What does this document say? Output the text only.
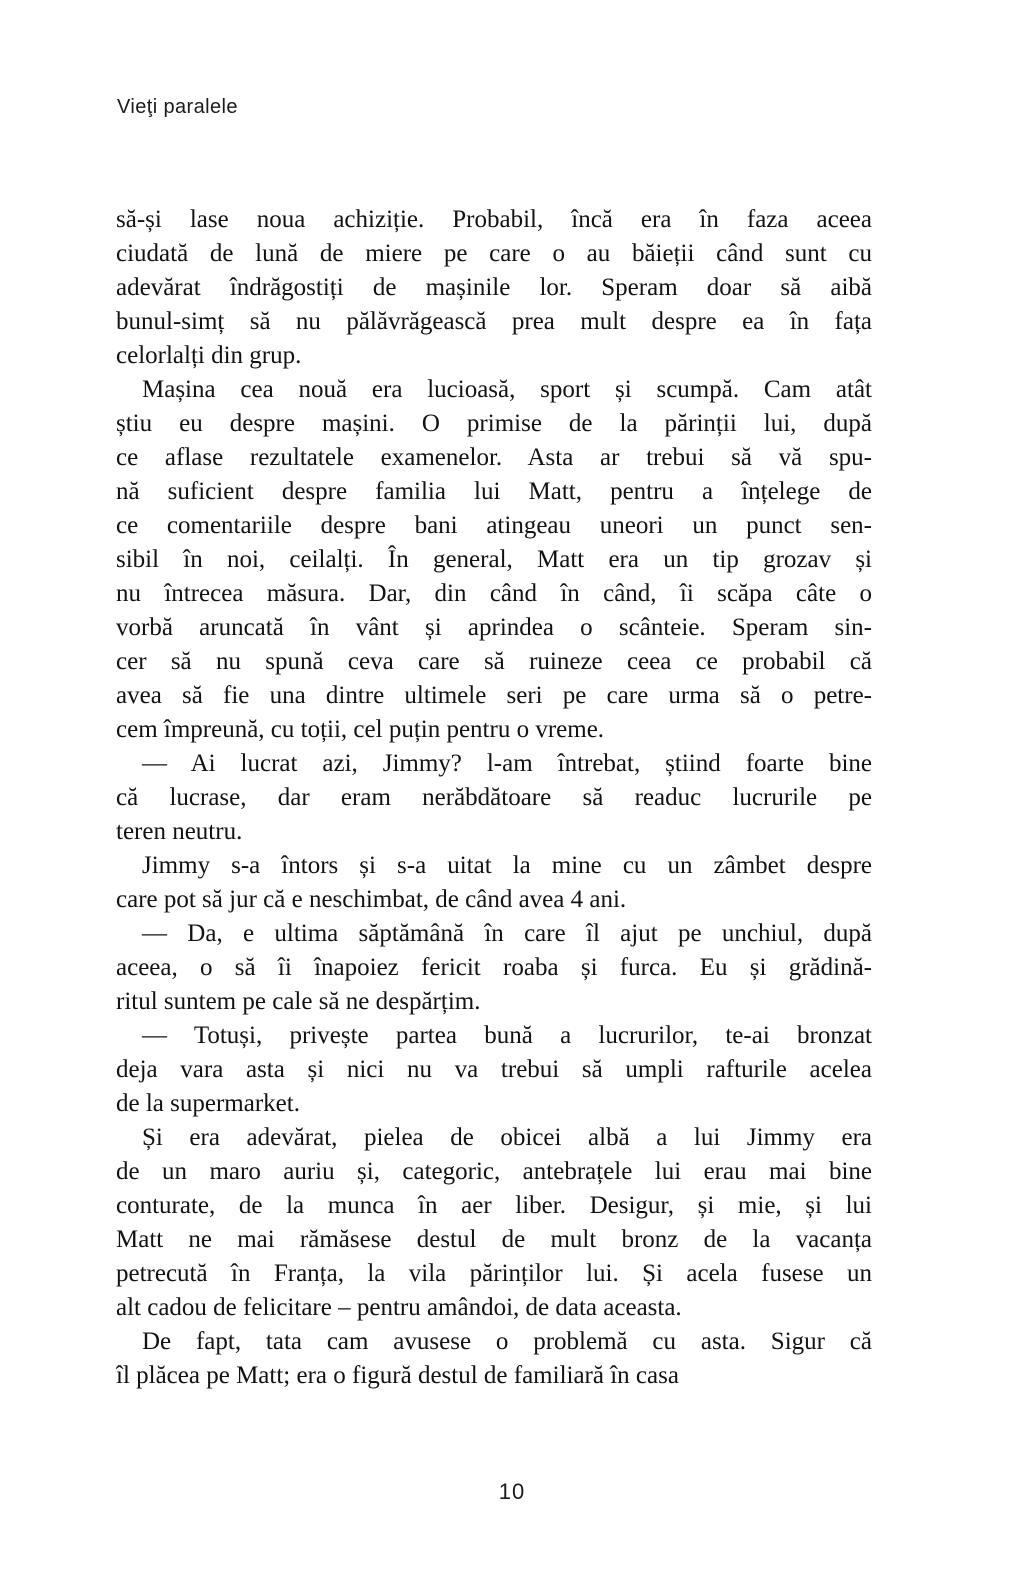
Vieţi paralele
să-și lase noua achiziție. Probabil, încă era în faza aceea
ciudată de lună de miere pe care o au băieții când sunt cu
adevărat îndrăgostiți de mașinile lor. Speram doar să aibă
bunul-simț să nu pălăvrăgească prea mult despre ea în fața
celorlalți din grup.
Mașina cea nouă era lucioasă, sport și scumpă. Cam atât
știu eu despre mașini. O primise de la părinții lui, după
ce aflase rezultatele examenelor. Asta ar trebui să vă spu-
nă suficient despre familia lui Matt, pentru a înțelege de
ce comentariile despre bani atingeau uneori un punct sen-
sibil în noi, ceilalți. În general, Matt era un tip grozav și
nu întrecea măsura. Dar, din când în când, îi scăpa câte o
vorbă aruncată în vânt și aprindea o scânteie. Speram sin-
cer să nu spună ceva care să ruineze ceea ce probabil că
avea să fie una dintre ultimele seri pe care urma să o petre-
cem împreună, cu toții, cel puțin pentru o vreme.
— Ai lucrat azi, Jimmy? l-am întrebat, știind foarte bine
că lucrase, dar eram nerăbdătoare să readuc lucrurile pe
teren neutru.
Jimmy s-a întors și s-a uitat la mine cu un zâmbet despre
care pot să jur că e neschimbat, de când avea 4 ani.
— Da, e ultima săptămână în care îl ajut pe unchiul, după
aceea, o să îi înapoiez fericit roaba și furca. Eu și grădină-
ritul suntem pe cale să ne despărțim.
— Totuși, privește partea bună a lucrurilor, te-ai bronzat
deja vara asta și nici nu va trebui să umpli rafturile acelea
de la supermarket.
Și era adevărat, pielea de obicei albă a lui Jimmy era
de un maro auriu și, categoric, antebrațele lui erau mai bine
conturate, de la munca în aer liber. Desigur, și mie, și lui
Matt ne mai rămăsese destul de mult bronz de la vacanța
petrecută în Franța, la vila părinților lui. Și acela fusese un
alt cadou de felicitare – pentru amândoi, de data aceasta.
De fapt, tata cam avusese o problemă cu asta. Sigur că
îl plăcea pe Matt; era o figură destul de familiară în casa
10
